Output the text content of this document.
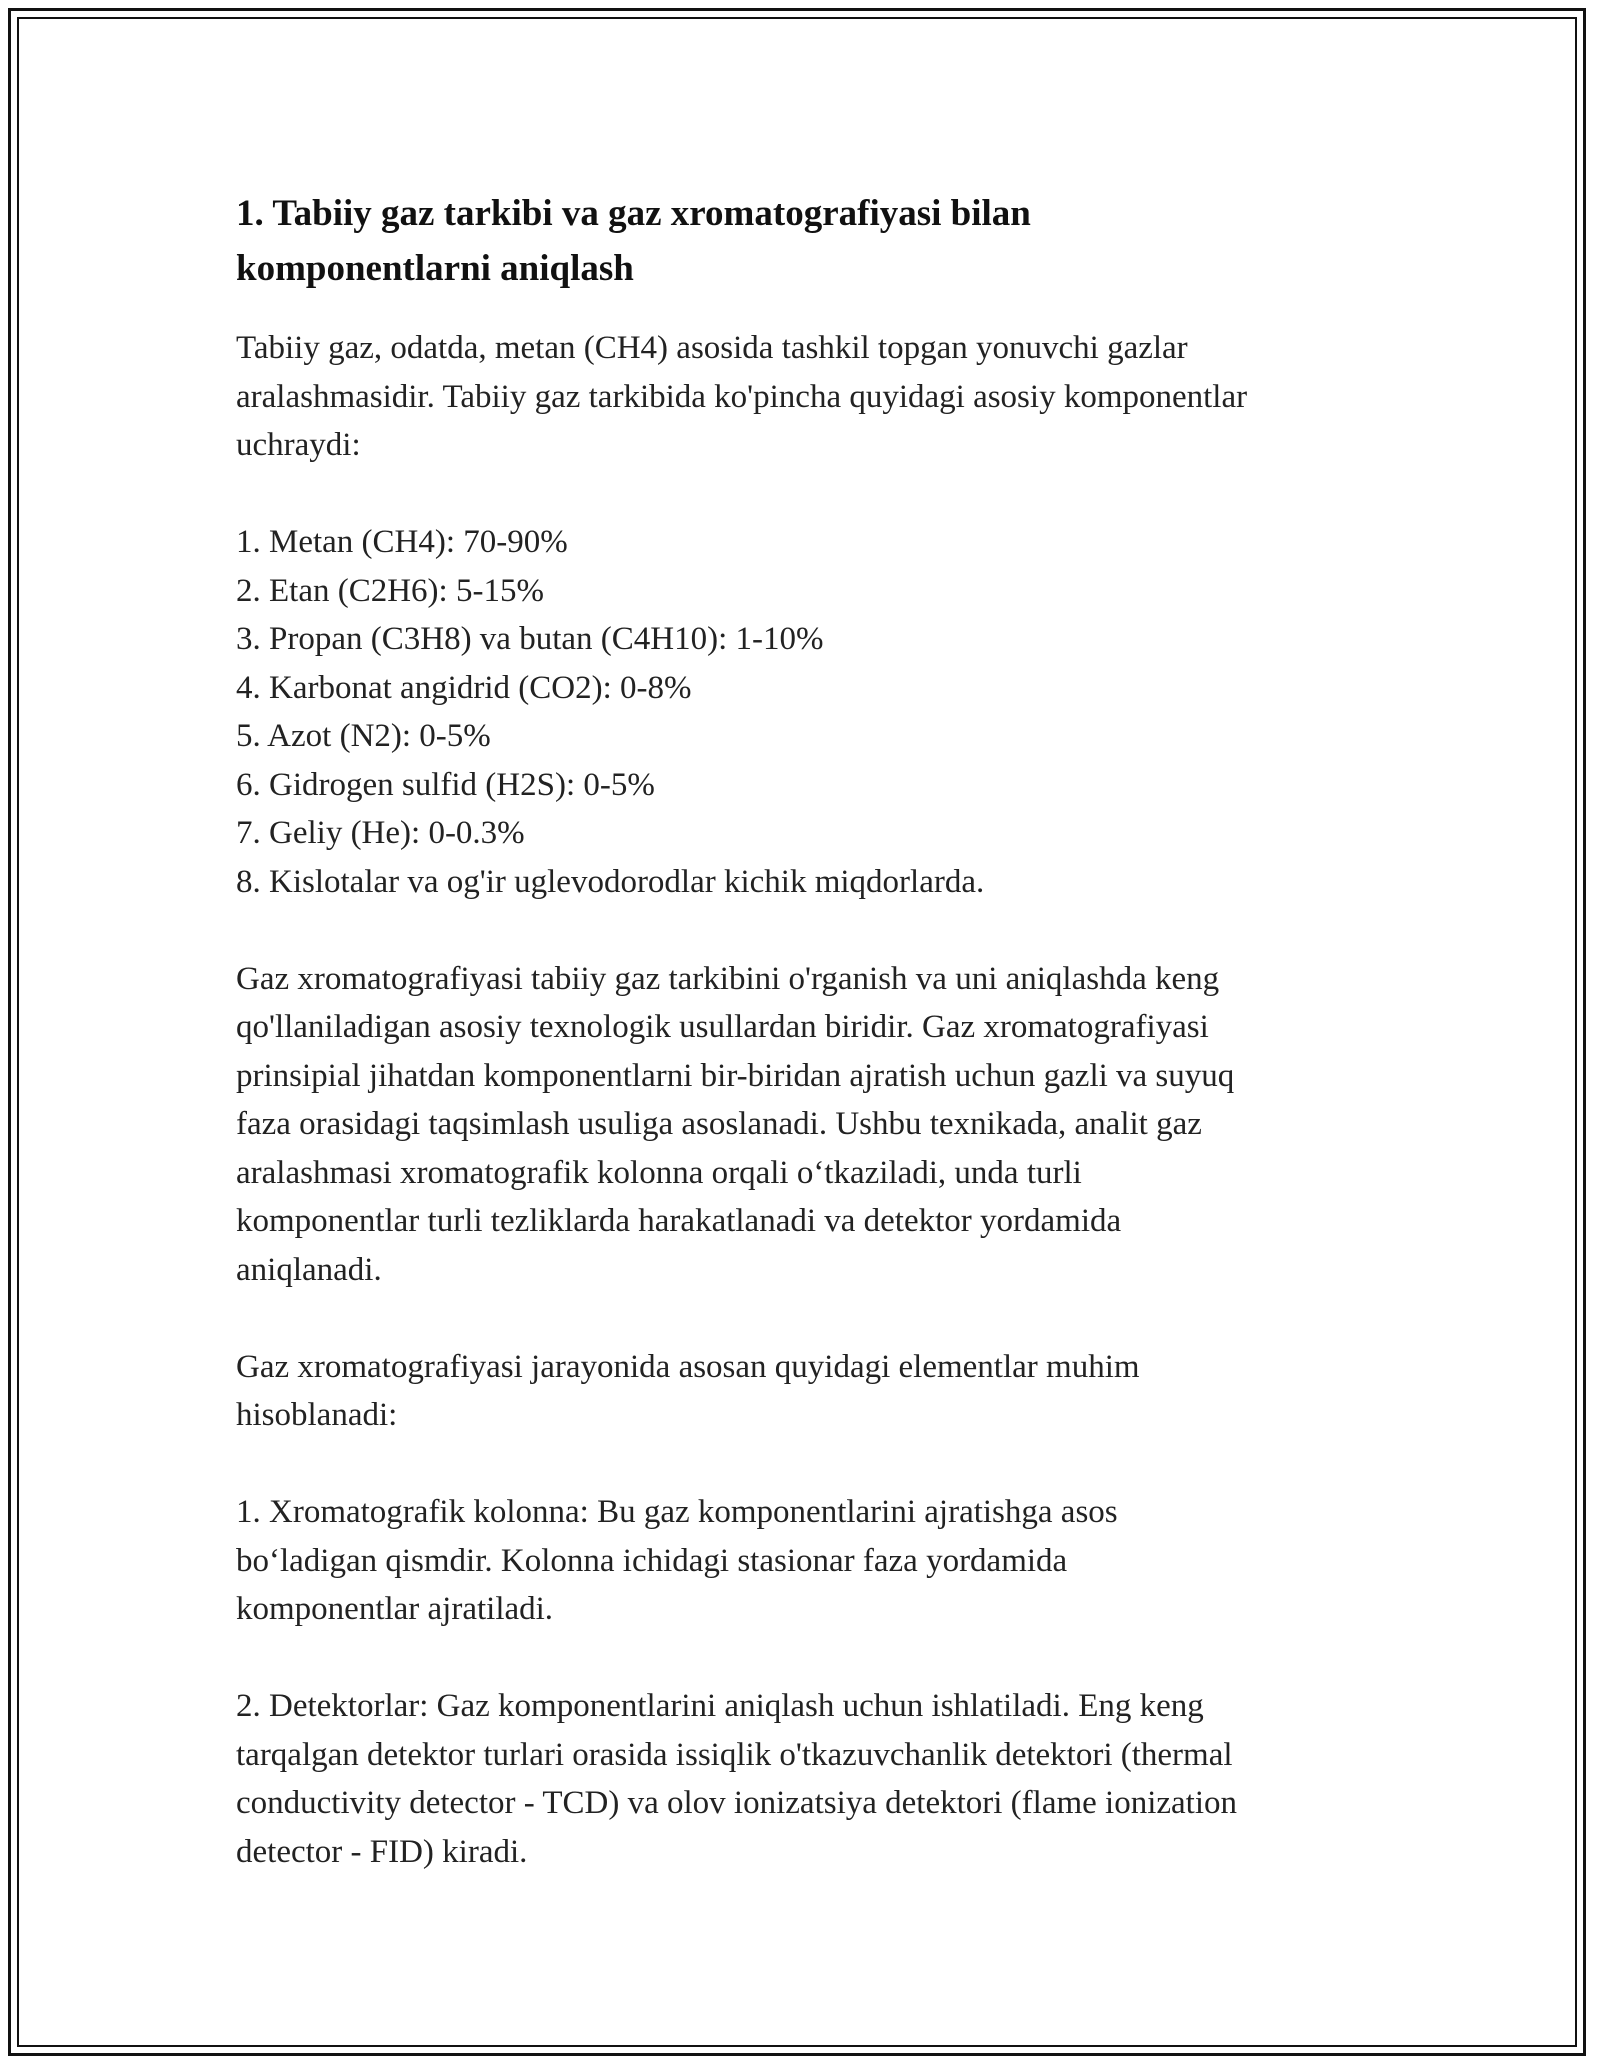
1. Tabiiy gaz tarkibi va gaz xromatografiyasi bilan
komponentlarni aniqlash
Tabiiy gaz, odatda, metan (CH4) asosida tashkil topgan yonuvchi gazlar
aralashmasidir. Tabiiy gaz tarkibida ko'pincha quyidagi asosiy komponentlar
uchraydi:
1. Metan (CH4): 70-90%
2. Etan (C2H6): 5-15%
3. Propan (C3H8) va butan (C4H10): 1-10%
4. Karbonat angidrid (CO2): 0-8%
5. Azot (N2): 0-5%
6. Gidrogen sulfid (H2S): 0-5%
7. Geliy (He): 0-0.3%
8. Kislotalar va og'ir uglevodorodlar kichik miqdorlarda.
Gaz xromatografiyasi tabiiy gaz tarkibini o'rganish va uni aniqlashda keng
qo'llaniladigan asosiy texnologik usullardan biridir. Gaz xromatografiyasi
prinsipial jihatdan komponentlarni bir-biridan ajratish uchun gazli va suyuq
faza orasidagi taqsimlash usuliga asoslanadi. Ushbu texnikada, analit gaz
aralashmasi xromatografik kolonna orqali o‘tkaziladi, unda turli
komponentlar turli tezliklarda harakatlanadi va detektor yordamida
aniqlanadi.
Gaz xromatografiyasi jarayonida asosan quyidagi elementlar muhim
hisoblanadi:
1. Xromatografik kolonna: Bu gaz komponentlarini ajratishga asos
bo‘ladigan qismdir. Kolonna ichidagi stasionar faza yordamida
komponentlar ajratiladi.
2. Detektorlar: Gaz komponentlarini aniqlash uchun ishlatiladi. Eng keng
tarqalgan detektor turlari orasida issiqlik o'tkazuvchanlik detektori (thermal
conductivity detector - TCD) va olov ionizatsiya detektori (flame ionization
detector - FID) kiradi.
